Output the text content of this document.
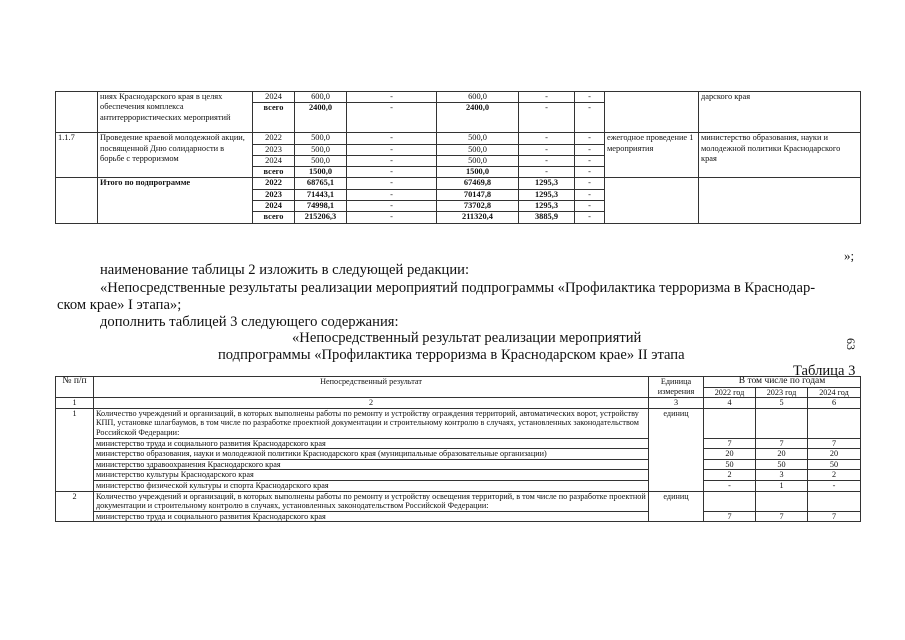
	ниях Краснодарского края в целях обеспечения комплекса антитеррористических мероприятий	2024	600,0	-	600,0	-	-		дарского края
		всего	2400,0	-	2400,0	-	-		
1.1.7	Проведение краевой молодежной акции, посвященной Дню солидарности в борьбе с терроризмом	2022	500,0	-	500,0	-	-	ежегодное проведение 1 мероприятия	министерство образования, науки и молодежной политики Краснодарского края
		2023	500,0	-	500,0	-	-		
		2024	500,0	-	500,0	-	-		
		всего	1500,0	-	1500,0	-	-		
	Итого по подпрограмме	2022	68765,1	-	67469,8	1295,3	-		
		2023	71443,1	-	70147,8	1295,3	-		
		2024	74998,1	-	73702,8	1295,3	-		
		всего	215206,3	-	211320,4	3885,9	-		
»;

наименование таблицы 2 изложить в следующей редакции:

«Непосредственные результаты реализации мероприятий подпрограммы «Профилактика терроризма в Краснодар-

ском крае» I этапа»;

дополнить таблицей 3 следующего содержания:

«Непосредственный результат реализации мероприятий

подпрограммы «Профилактика терроризма в Краснодарском крае» II этапа

Таблица 3

63
№ п/п	Непосредственный результат	Единица измерения	В том числе по годам		
			2022 год	2023 год	2024 год
1	2	3	4	5	6
1	Количество учреждений и организаций, в которых выполнены работы по ремонту и устройству ограждения территорий, автоматических ворот, устройству КПП, установке шлагбаумов, в том числе по разработке проектной документации и строительному контролю в случаях, установленных законодательством Российской Федерации:	единиц			
	министерство труда и социального развития Краснодарского края		7	7	7
	министерство образования, науки и молодежной политики Краснодарского края (муниципальные образовательные организации)		20	20	20
	министерство здравоохранения Краснодарского края		50	50	50
	министерство культуры Краснодарского края		2	3	2
	министерство физической культуры и спорта Краснодарского края		-	1	-
2	Количество учреждений и организаций, в которых выполнены работы по ремонту и устройству освещения территорий, в том числе по разработке проектной документации и строительному контролю в случаях, установленных законодательством Российской Федерации:	единиц			
	министерство труда и социального развития Краснодарского края		7	7	7
